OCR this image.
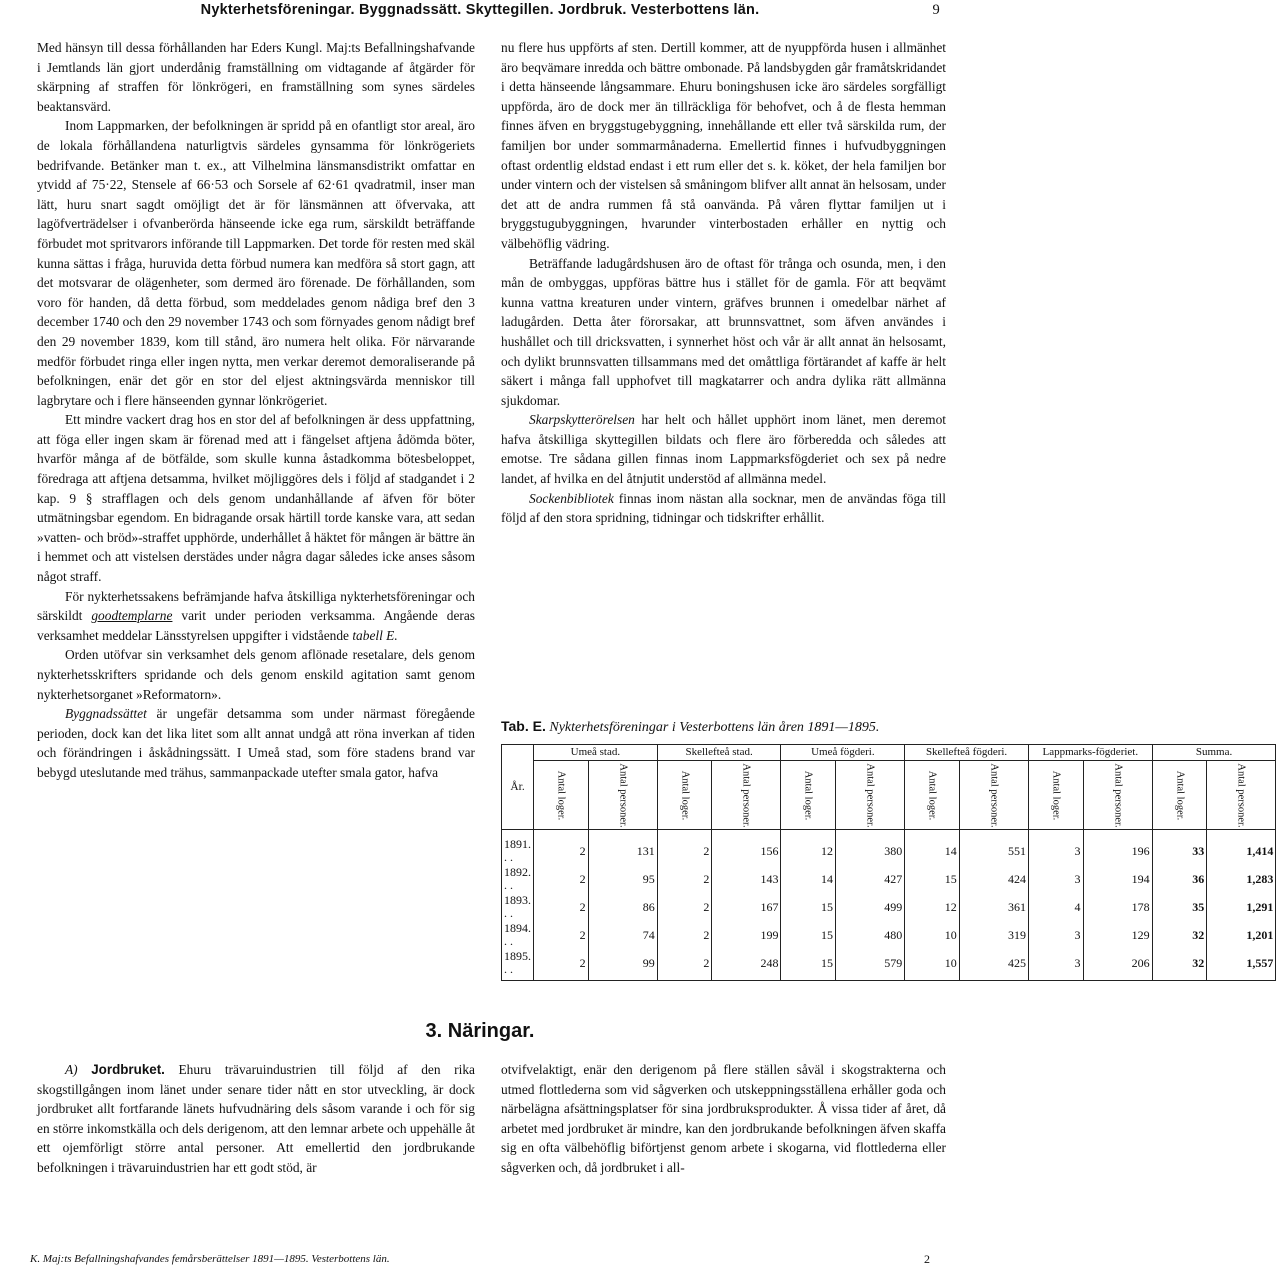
Nykterhetsföreningar. Byggnadssätt. Skyttegillen. Jordbruk. Vesterbottens län.	9

Med hänsyn till dessa förhållanden har Eders Kungl. Maj:ts Befallningshafvande i Jemtlands län gjort underdånig framställning om vidtagande af åtgärder för skärpning af straffen för lönkrögeri, en framställning som synes särdeles beaktansvärd.

Inom Lappmarken, der befolkningen är spridd på en ofantligt stor areal, äro de lokala förhållandena naturligtvis särdeles gynsamma för lönkrögeriets bedrifvande. Betänker man t. ex., att Vilhelmina länsmansdistrikt omfattar en ytvidd af 75·22, Stensele af 66·53 och Sorsele af 62·61 qvadratmil, inser man lätt, huru snart sagdt omöjligt det är för länsmännen att öfvervaka, att lagöfverträdelser i ofvanberörda hänseende icke ega rum, särskildt beträffande förbudet mot spritvarors införande till Lappmarken. Det torde för resten med skäl kunna sättas i fråga, huruvida detta förbud numera kan medföra så stort gagn, att det motsvarar de olägenheter, som dermed äro förenade. De förhållanden, som voro för handen, då detta förbud, som meddelades genom nådiga bref den 3 december 1740 och den 29 november 1743 och som förnyades genom nådigt bref den 29 november 1839, kom till stånd, äro numera helt olika. För närvarande medför förbudet ringa eller ingen nytta, men verkar deremot demoraliserande på befolkningen, enär det gör en stor del eljest aktningsvärda menniskor till lagbrytare och i flere hänseenden gynnar lönkrögeriet.

Ett mindre vackert drag hos en stor del af befolkningen är dess uppfattning, att föga eller ingen skam är förenad med att i fängelset aftjena ådömda böter, hvarför många af de bötfälde, som skulle kunna åstadkomma bötesbeloppet, föredraga att aftjena detsamma, hvilket möjliggöres dels i följd af stadgandet i 2 kap. 9 § strafflagen och dels genom undanhållande af äfven för böter utmätningsbar egendom. En bidragande orsak härtill torde kanske vara, att sedan »vatten- och bröd»-straffet upphörde, underhållet å häktet för mången är bättre än i hemmet och att vistelsen derstädes under några dagar således icke anses såsom något straff.

För nykterhetssakens befrämjande hafva åtskilliga nykterhetsföreningar och särskildt goodtemplarne varit under perioden verksamma. Angående deras verksamhet meddelar Länsstyrelsen uppgifter i vidstående tabell E.

Orden utöfvar sin verksamhet dels genom aflönade resetalare, dels genom nykterhetsskrifters spridande och dels genom enskild agitation samt genom nykterhetsorganet »Reformatorn».

Byggnadssättet är ungefär detsamma som under närmast föregående perioden, dock kan det lika litet som allt annat undgå att röna inverkan af tiden och förändringen i åskådningssätt. I Umeå stad, som före stadens brand var bebygd uteslutande med trähus, sammanpackade utefter smala gator, hafva

nu flere hus uppförts af sten. Dertill kommer, att de nyuppförda husen i allmänhet äro beqvämare inredda och bättre ombonade. På landsbygden går framåtskridandet i detta hänseende långsammare. Ehuru boningshusen icke äro särdeles sorgfälligt uppförda, äro de dock mer än tillräckliga för behofvet, och å de flesta hemman finnes äfven en bryggstugebyggning, innehållande ett eller två särskilda rum, der familjen bor under sommarmånaderna. Emellertid finnes i hufvudbyggningen oftast ordentlig eldstad endast i ett rum eller det s. k. köket, der hela familjen bor under vintern och der vistelsen så småningom blifver allt annat än helsosam, under det att de andra rummen få stå oanvända. På våren flyttar familjen ut i bryggstugubyggningen, hvarunder vinterbostaden erhåller en nyttig och välbehöflig vädring.

Beträffande ladugårdshusen äro de oftast för trånga och osunda, men, i den mån de ombyggas, uppföras bättre hus i stället för de gamla. För att beqvämt kunna vattna kreaturen under vintern, gräfves brunnen i omedelbar närhet af ladugården. Detta åter förorsakar, att brunnsvattnet, som äfven användes i hushållet och till dricksvatten, i synnerhet höst och vår är allt annat än helsosamt, och dylikt brunnsvatten tillsammans med det omåttliga förtärandet af kaffe är helt säkert i många fall upphofvet till magkatarrer och andra dylika rätt allmänna sjukdomar.

Skarpskytterörelsen har helt och hållet upphört inom länet, men deremot hafva åtskilliga skyttegillen bildats och flere äro förberedda och således att emotse. Tre sådana gillen finnas inom Lappmarksfögderiet och sex på nedre landet, af hvilka en del åtnjutit understöd af allmänna medel.

Sockenbibliotek finnas inom nästan alla socknar, men de användas föga till följd af den stora spridning, tidningar och tidskrifter erhållit.

Tab. E. Nykterhetsföreningar i Vesterbottens län åren 1891—1895.
År.	Umeå stad.		Skellefteå stad.		Umeå fögderi.		Skellefteå fögderi.		Lappmarks-fögderiet.		Summa.	
	Antal loger.	Antal personer.	Antal loger.	Antal personer.	Antal loger.	Antal personer.	Antal loger.	Antal personer.	Antal loger.	Antal personer.	Antal loger.	Antal personer.
1891. . .	2	131	2	156	12	380	14	551	3	196	33	1,414
1892. . .	2	95	2	143	14	427	15	424	3	194	36	1,283
1893. . .	2	86	2	167	15	499	12	361	4	178	35	1,291
1894. . .	2	74	2	199	15	480	10	319	3	129	32	1,201
1895. . .	2	99	2	248	15	579	10	425	3	206	32	1,557
3. Näringar.

A) Jordbruket. Ehuru trävaruindustrien till följd af den rika skogstillgången inom länet under senare tider nått en stor utveckling, är dock jordbruket allt fortfarande länets hufvudnäring dels såsom varande i och för sig en större inkomstkälla och dels derigenom, att den lemnar arbete och uppehälle åt ett ojemförligt större antal personer. Att emellertid den jordbrukande befolkningen i trävaruindustrien har ett godt stöd, är

otvifvelaktigt, enär den derigenom på flere ställen såväl i skogstrakterna och utmed flottlederna som vid sågverken och utskeppningsställena erhåller goda och närbelägna afsättningsplatser för sina jordbruksprodukter. Å vissa tider af året, då arbetet med jordbruket är mindre, kan den jordbrukande befolkningen äfven skaffa sig en ofta välbehöflig biförtjenst genom arbete i skogarna, vid flottlederna eller sågverken och, då jordbruket i all-

K. Maj:ts Befallningshafvandes femårsberättelser 1891—1895. Vesterbottens län.	2
